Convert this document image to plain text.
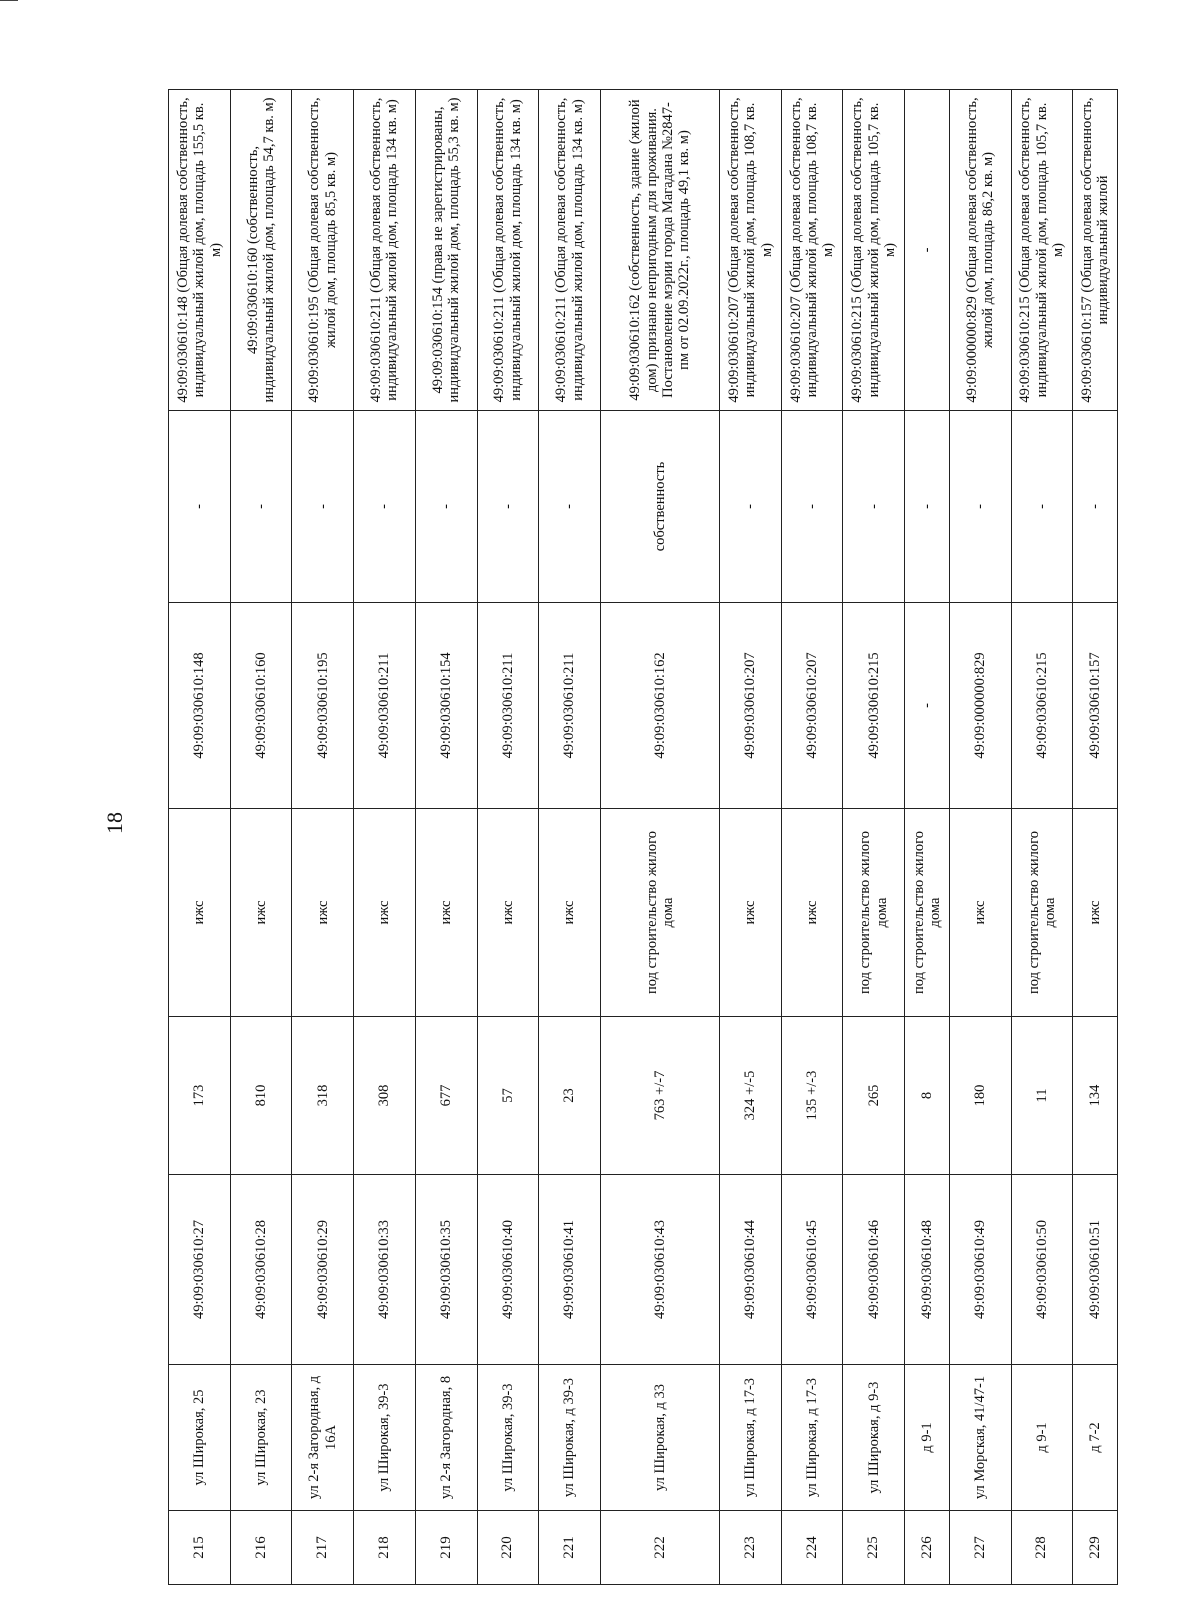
18
215	ул Широкая, 25	49:09:030610:27	173	ижс	49:09:030610:148	-	49:09:030610:148 (Общая долевая собственность, индивидуальный жилой дом, площадь 155,5 кв. м)
216	ул Широкая, 23	49:09:030610:28	810	ижс	49:09:030610:160	-	49:09:030610:160 (собственность, индивидуальный жилой дом, площадь 54,7 кв. м)
217	ул 2-я Загородная, д 16А	49:09:030610:29	318	ижс	49:09:030610:195	-	49:09:030610:195 (Общая долевая собственность, жилой дом, площадь 85,5 кв. м)
218	ул Широкая, 39-3	49:09:030610:33	308	ижс	49:09:030610:211	-	49:09:030610:211 (Общая долевая собственность, индивидуальный жилой дом, площадь 134 кв. м)
219	ул 2-я Загородная, 8	49:09:030610:35	677	ижс	49:09:030610:154	-	49:09:030610:154 (права не зарегистрированы, индивидуальный жилой дом, площадь 55,3 кв. м)
220	ул Широкая, 39-3	49:09:030610:40	57	ижс	49:09:030610:211	-	49:09:030610:211 (Общая долевая собственность, индивидуальный жилой дом, площадь 134 кв. м)
221	ул Широкая, д 39-3	49:09:030610:41	23	ижс	49:09:030610:211	-	49:09:030610:211 (Общая долевая собственность, индивидуальный жилой дом, площадь 134 кв. м)
222	ул Широкая, д 33	49:09:030610:43	763 +/-7	под строительство жилого дома	49:09:030610:162	собственность	49:09:030610:162 (собственность, здание (жилой дом) признано непригодным для проживания. Постановление мэрии города Магадана №2847-пм от 02.09.2022г., площадь 49,1 кв. м)
223	ул Широкая, д 17-3	49:09:030610:44	324 +/-5	ижс	49:09:030610:207	-	49:09:030610:207 (Общая долевая собственность, индивидуальный жилой дом, площадь 108,7 кв. м)
224	ул Широкая, д 17-3	49:09:030610:45	135 +/-3	ижс	49:09:030610:207	-	49:09:030610:207 (Общая долевая собственность, индивидуальный жилой дом, площадь 108,7 кв. м)
225	ул Широкая, д 9-3	49:09:030610:46	265	под строительство жилого дома	49:09:030610:215	-	49:09:030610:215 (Общая долевая собственность, индивидуальный жилой дом, площадь 105,7 кв. м)
226	д 9-1	49:09:030610:48	8	под строительство жилого дома	-	-	-
227	ул Морская, 41/47-1	49:09:030610:49	180	ижс	49:09:000000:829	-	49:09:000000:829 (Общая долевая собственность, жилой дом, площадь 86,2 кв. м)
228	д 9-1	49:09:030610:50	11	под строительство жилого дома	49:09:030610:215	-	49:09:030610:215 (Общая долевая собственность, индивидуальный жилой дом, площадь 105,7 кв. м)
229	д 7-2	49:09:030610:51	134	ижс	49:09:030610:157	-	49:09:030610:157 (Общая долевая собственность, индивидуальный жилой
